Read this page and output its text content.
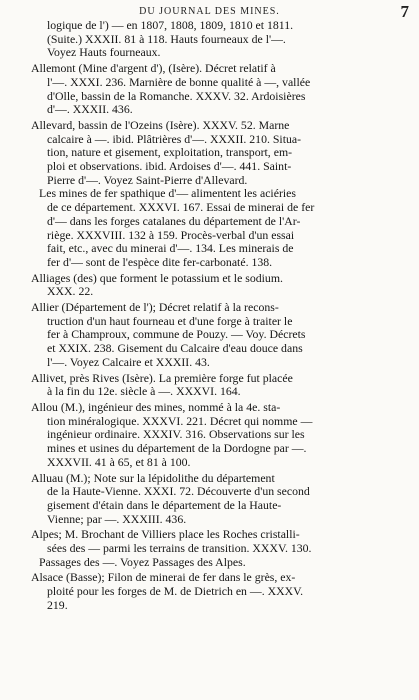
DU JOURNAL DES MINES.	7
logique de l') — en 1807, 1808, 1809, 1810 et 1811.
(Suite.) XXXII. 81 à 118. Hauts fourneaux de l'—.
Voyez Hauts fourneaux.
Allemont (Mine d'argent d'), (Isère). Décret relatif à
l'—. XXXI. 236. Marnière de bonne qualité à —, vallée
d'Olle, bassin de la Romanche. XXXV. 32. Ardoisières
d'—. XXXII. 436.
Allevard, bassin de l'Ozeins (Isère). XXXV. 52. Marne
calcaire à —. ibid. Plâtrières d'—. XXXII. 210. Situa-
tion, nature et gisement, exploitation, transport, em-
ploi et observations. ibid. Ardoises d'—. 441. Saint-
Pierre d'—. Voyez Saint-Pierre d'Allevard.
Les mines de fer spathique d'— alimentent les aciéries
de ce département. XXXVI. 167. Essai de minerai de fer
d'— dans les forges catalanes du département de l'Ar-
riège. XXXVIII. 132 à 159. Procès-verbal d'un essai
fait, etc., avec du minerai d'—. 134. Les minerais de
fer d'— sont de l'espèce dite fer-carbonaté. 138.
Alliages (des) que forment le potassium et le sodium.
XXX. 22.
Allier (Département de l'); Décret relatif à la recons-
truction d'un haut fourneau et d'une forge à traiter le
fer à Champroux, commune de Pouzy. — Voy. Décrets
et XXIX. 238. Gisement du Calcaire d'eau douce dans
l'—. Voyez Calcaire et XXXII. 43.
Allivet, près Rives (Isère). La première forge fut placée
à la fin du 12e. siècle à —. XXXVI. 164.
Allou (M.), ingénieur des mines, nommé à la 4e. sta-
tion minéralogique. XXXVI. 221. Décret qui nomme —
ingénieur ordinaire. XXXIV. 316. Observations sur les
mines et usines du département de la Dordogne par —.
XXXVII. 41 à 65, et 81 à 100.
Alluau (M.); Note sur la lépidolithe du département
de la Haute-Vienne. XXXI. 72. Découverte d'un second
gisement d'étain dans le département de la Haute-
Vienne; par —. XXXIII. 436.
Alpes; M. Brochant de Villiers place les Roches cristalli-
sées des — parmi les terrains de transition. XXXV. 130.
Passages des —. Voyez Passages des Alpes.
Alsace (Basse); Filon de minerai de fer dans le grès, ex-
ploité pour les forges de M. de Dietrich en —. XXXV.
219.
